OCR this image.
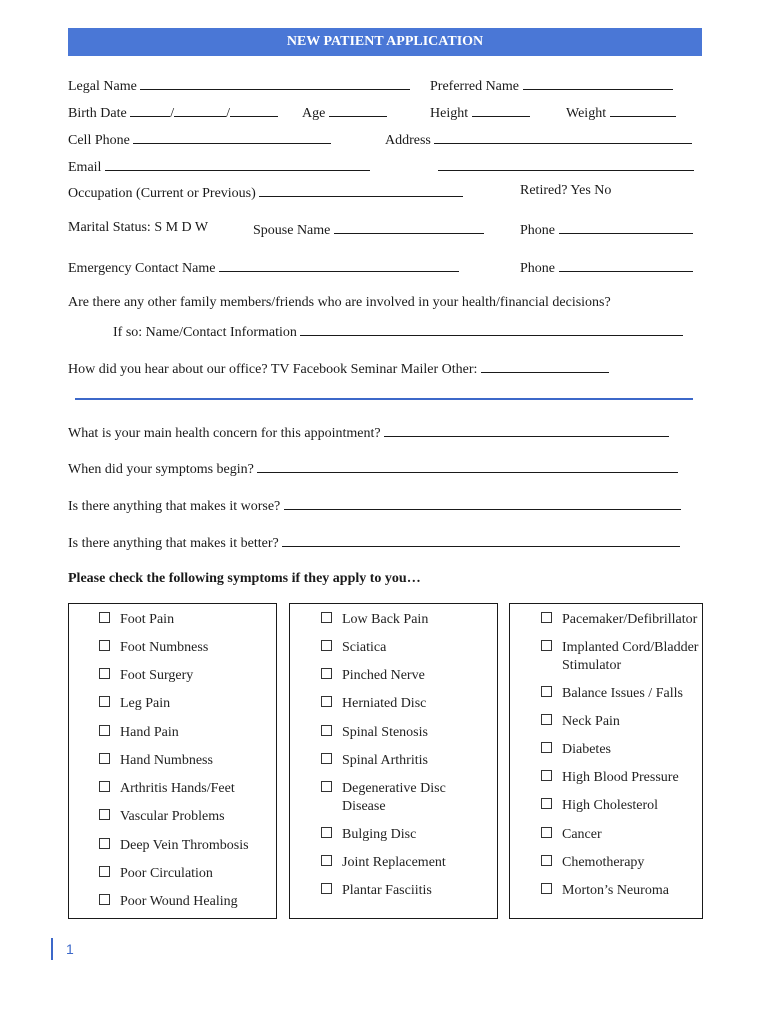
NEW PATIENT APPLICATION
Legal Name	Preferred Name
Birth Date	/	/	Age	Height	Weight
Cell Phone	Address
Email
Occupation (Current or Previous)	Retired? Yes No
Marital Status: S M D W	Spouse Name	Phone
Emergency Contact Name	Phone
Are there any other family members/friends who are involved in your health/financial decisions?
If so: Name/Contact Information
How did you hear about our office? TV Facebook Seminar Mailer Other:
What is your main health concern for this appointment?
When did your symptoms begin?
Is there anything that makes it worse?
Is there anything that makes it better?
Please check the following symptoms if they apply to you…
Foot Pain
Foot Numbness
Foot Surgery
Leg Pain
Hand Pain
Hand Numbness
Arthritis Hands/Feet
Vascular Problems
Deep Vein Thrombosis
Poor Circulation
Poor Wound Healing
Low Back Pain
Sciatica
Pinched Nerve
Herniated Disc
Spinal Stenosis
Spinal Arthritis
Degenerative Disc Disease
Bulging Disc
Joint Replacement
Plantar Fasciitis
Pacemaker/Defibrillator
Implanted Cord/Bladder Stimulator
Balance Issues / Falls
Neck Pain
Diabetes
High Blood Pressure
High Cholesterol
Cancer
Chemotherapy
Morton’s Neuroma
1
